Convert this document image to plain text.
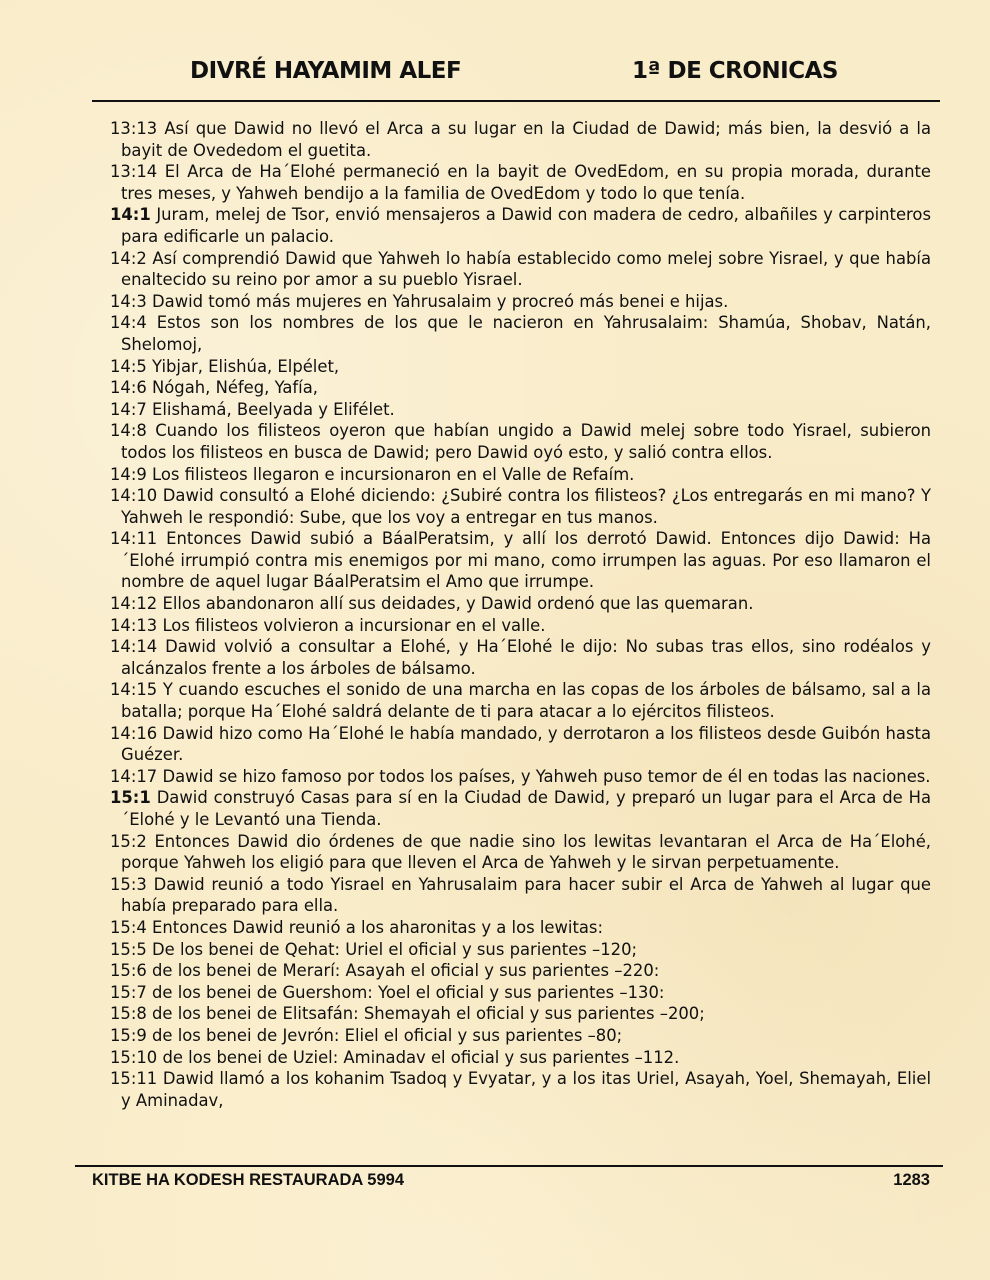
DIVRÉ HAYAMIM ALEF	1ª DE CRONICAS

13:13 Así que Dawid no llevó el Arca a su lugar en la Ciudad de Dawid; más bien, la desvió a la bayit de Ovededom el guetita.

13:14 El Arca de Ha´Elohé permaneció en la bayit de OvedEdom, en su propia morada, durante tres meses, y Yahweh bendijo a la familia de OvedEdom y todo lo que tenía.

14:1 Juram, melej de Tsor, envió mensajeros a Dawid con madera de cedro, albañiles y carpinteros para edificarle un palacio.

14:2 Así comprendió Dawid que Yahweh lo había establecido como melej sobre Yisrael, y que había enaltecido su reino por amor a su pueblo Yisrael.

14:3 Dawid tomó más mujeres en Yahrusalaim y procreó más benei e hijas.

14:4 Estos son los nombres de los que le nacieron en Yahrusalaim: Shamúa, Shobav, Natán, Shelomoj,

14:5 Yibjar, Elishúa, Elpélet,

14:6 Nógah, Néfeg, Yafía,

14:7 Elishamá, Beelyada y Elifélet.

14:8 Cuando los filisteos oyeron que habían ungido a Dawid melej sobre todo Yisrael, subieron todos los filisteos en busca de Dawid; pero Dawid oyó esto, y salió contra ellos.

14:9 Los filisteos llegaron e incursionaron en el Valle de Refaím.

14:10 Dawid consultó a Elohé diciendo: ¿Subiré contra los filisteos? ¿Los entregarás en mi mano? Y Yahweh le respondió: Sube, que los voy a entregar en tus manos.

14:11 Entonces Dawid subió a BáalPeratsim, y allí los derrotó Dawid. Entonces dijo Dawid: Ha´Elohé irrumpió contra mis enemigos por mi mano, como irrumpen las aguas. Por eso llamaron el nombre de aquel lugar BáalPeratsim el Amo que irrumpe.

14:12 Ellos abandonaron allí sus deidades, y Dawid ordenó que las quemaran.

14:13 Los filisteos volvieron a incursionar en el valle.

14:14 Dawid volvió a consultar a Elohé, y Ha´Elohé le dijo: No subas tras ellos, sino rodéalos y alcánzalos frente a los árboles de bálsamo.

14:15 Y cuando escuches el sonido de una marcha en las copas de los árboles de bálsamo, sal a la batalla; porque Ha´Elohé saldrá delante de ti para atacar a lo ejércitos filisteos.

14:16 Dawid hizo como Ha´Elohé le había mandado, y derrotaron a los filisteos desde Guibón hasta Guézer.

14:17 Dawid se hizo famoso por todos los países, y Yahweh puso temor de él en todas las naciones.

15:1 Dawid construyó Casas para sí en la Ciudad de Dawid, y preparó un lugar para el Arca de Ha´Elohé y le Levantó una Tienda.

15:2 Entonces Dawid dio órdenes de que nadie sino los lewitas levantaran el Arca de Ha´Elohé, porque Yahweh los eligió para que lleven el Arca de Yahweh y le sirvan perpetuamente.

15:3 Dawid reunió a todo Yisrael en Yahrusalaim para hacer subir el Arca de Yahweh al lugar que había preparado para ella.

15:4 Entonces Dawid reunió a los aharonitas y a los lewitas:

15:5 De los benei de Qehat: Uriel el oficial y sus parientes –120;

15:6 de los benei de Merarí: Asayah el oficial y sus parientes –220:

15:7 de los benei de Guershom: Yoel el oficial y sus parientes –130:

15:8 de los benei de Elitsafán: Shemayah el oficial y sus parientes –200;

15:9 de los benei de Jevrón: Eliel el oficial y sus parientes –80;

15:10 de los benei de Uziel: Aminadav el oficial y sus parientes –112.

15:11 Dawid llamó a los kohanim Tsadoq y Evyatar, y a los itas Uriel, Asayah, Yoel, Shemayah, Eliel y Aminadav,

KITBE HA KODESH RESTAURADA 5994	1283
